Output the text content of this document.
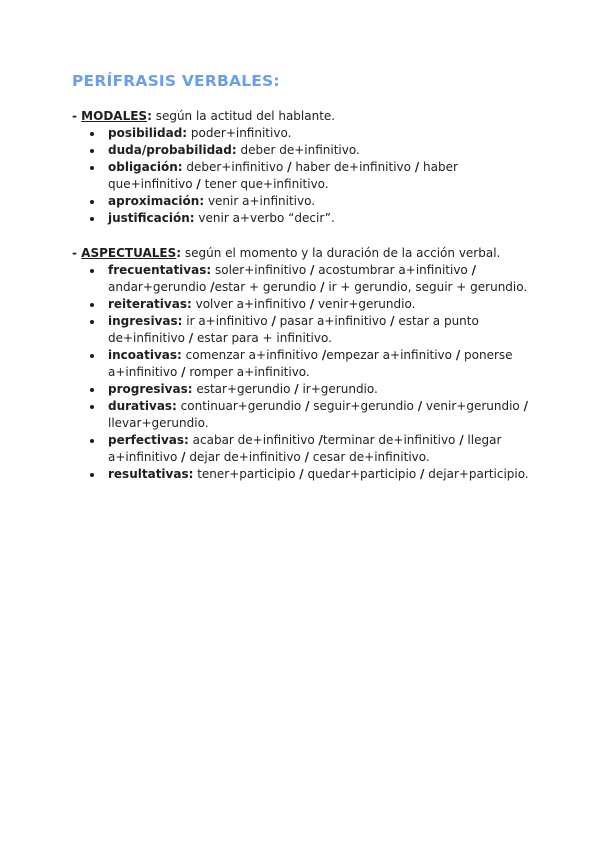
PERÍFRASIS VERBALES:

- MODALES: según la actitud del hablante.

posibilidad: poder+infinitivo.
duda/probabilidad: deber de+infinitivo.
obligación: deber+infinitivo / haber de+infinitivo / haber que+infinitivo / tener que+infinitivo.
aproximación: venir a+infinitivo.
justificación: venir a+verbo “decir”.

- ASPECTUALES: según el momento y la duración de la acción verbal.

frecuentativas: soler+infinitivo / acostumbrar a+infinitivo / andar+gerundio /estar + gerundio / ir + gerundio, seguir + gerundio.
reiterativas: volver a+infinitivo / venir+gerundio.
ingresivas: ir a+infinitivo / pasar a+infinitivo / estar a punto de+infinitivo / estar para + infinitivo.
incoativas: comenzar a+infinitivo /empezar a+infinitivo / ponerse a+infinitivo / romper a+infinitivo.
progresivas: estar+gerundio / ir+gerundio.
durativas: continuar+gerundio / seguir+gerundio / venir+gerundio / llevar+gerundio.
perfectivas: acabar de+infinitivo /terminar de+infinitivo / llegar a+infinitivo / dejar de+infinitivo / cesar de+infinitivo.
resultativas: tener+participio / quedar+participio / dejar+participio.
